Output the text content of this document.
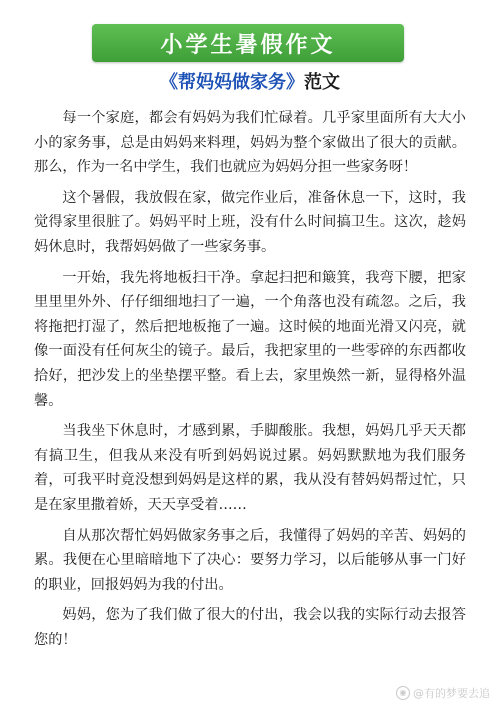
小学生暑假作文
《帮妈妈做家务》范文

每一个家庭，都会有妈妈为我们忙碌着。几乎家里面所有大大小小的家务事，总是由妈妈来料理，妈妈为整个家做出了很大的贡献。那么，作为一名中学生，我们也就应为妈妈分担一些家务呀！

这个暑假，我放假在家，做完作业后，准备休息一下，这时，我觉得家里很脏了。妈妈平时上班，没有什么时间搞卫生。这次，趁妈妈休息时，我帮妈妈做了一些家务事。

一开始，我先将地板扫干净。拿起扫把和簸箕，我弯下腰，把家里里里外外、仔仔细细地扫了一遍，一个角落也没有疏忽。之后，我将拖把打湿了，然后把地板拖了一遍。这时候的地面光滑又闪亮，就像一面没有任何灰尘的镜子。最后，我把家里的一些零碎的东西都收拾好，把沙发上的坐垫摆平整。看上去，家里焕然一新，显得格外温馨。

当我坐下休息时，才感到累，手脚酸胀。我想，妈妈几乎天天都有搞卫生，但我从来没有听到妈妈说过累。妈妈默默地为我们服务着，可我平时竟没想到妈妈是这样的累，我从没有替妈妈帮过忙，只是在家里撒着娇，天天享受着……

自从那次帮忙妈妈做家务事之后，我懂得了妈妈的辛苦、妈妈的累。我便在心里暗暗地下了决心：要努力学习，以后能够从事一门好的职业，回报妈妈为我的付出。

妈妈，您为了我们做了很大的付出，我会以我的实际行动去报答您的！

◉ @有的梦要去追
